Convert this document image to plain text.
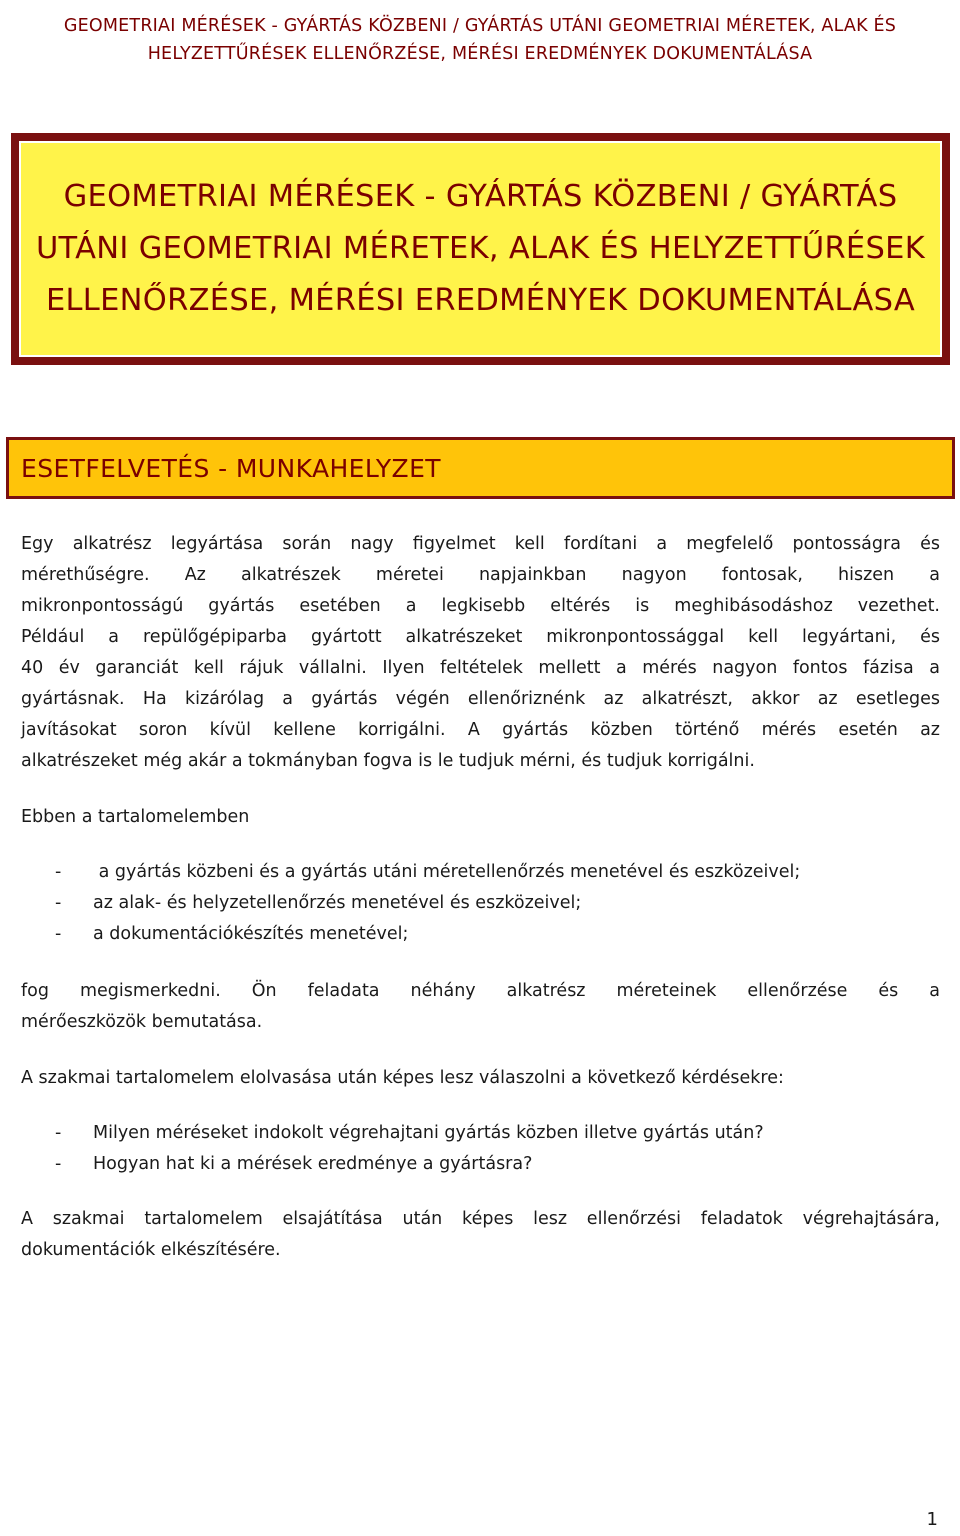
GEOMETRIAI MÉRÉSEK - GYÁRTÁS KÖZBENI / GYÁRTÁS UTÁNI GEOMETRIAI MÉRETEK, ALAK ÉS
HELYZETTŰRÉSEK ELLENŐRZÉSE, MÉRÉSI EREDMÉNYEK DOKUMENTÁLÁSA
GEOMETRIAI MÉRÉSEK - GYÁRTÁS KÖZBENI / GYÁRTÁS
UTÁNI GEOMETRIAI MÉRETEK, ALAK ÉS HELYZETTŰRÉSEK
ELLENŐRZÉSE, MÉRÉSI EREDMÉNYEK DOKUMENTÁLÁSA
ESETFELVETÉS - MUNKAHELYZET
Egy alkatrész legyártása során nagy figyelmet kell fordítani a megfelelő pontosságra és
mérethűségre. Az alkatrészek méretei napjainkban nagyon fontosak, hiszen a
mikronpontosságú gyártás esetében a legkisebb eltérés is meghibásodáshoz vezethet.
Például a repülőgépiparba gyártott alkatrészeket mikronpontossággal kell legyártani, és
40 év garanciát kell rájuk vállalni. Ilyen feltételek mellett a mérés nagyon fontos fázisa a
gyártásnak. Ha kizárólag a gyártás végén ellenőriznénk az alkatrészt, akkor az esetleges
javításokat soron kívül kellene korrigálni. A gyártás közben történő mérés esetén az
alkatrészeket még akár a tokmányban fogva is le tudjuk mérni, és tudjuk korrigálni.
Ebben a tartalomelemben
- a gyártás közbeni és a gyártás utáni méretellenőrzés menetével és eszközeivel;
- az alak- és helyzetellenőrzés menetével és eszközeivel;
- a dokumentációkészítés menetével;
fog megismerkedni. Ön feladata néhány alkatrész méreteinek ellenőrzése és a
mérőeszközök bemutatása.
A szakmai tartalomelem elolvasása után képes lesz válaszolni a következő kérdésekre:
- Milyen méréseket indokolt végrehajtani gyártás közben illetve gyártás után?
- Hogyan hat ki a mérések eredménye a gyártásra?
A szakmai tartalomelem elsajátítása után képes lesz ellenőrzési feladatok végrehajtására,
dokumentációk elkészítésére.
1
